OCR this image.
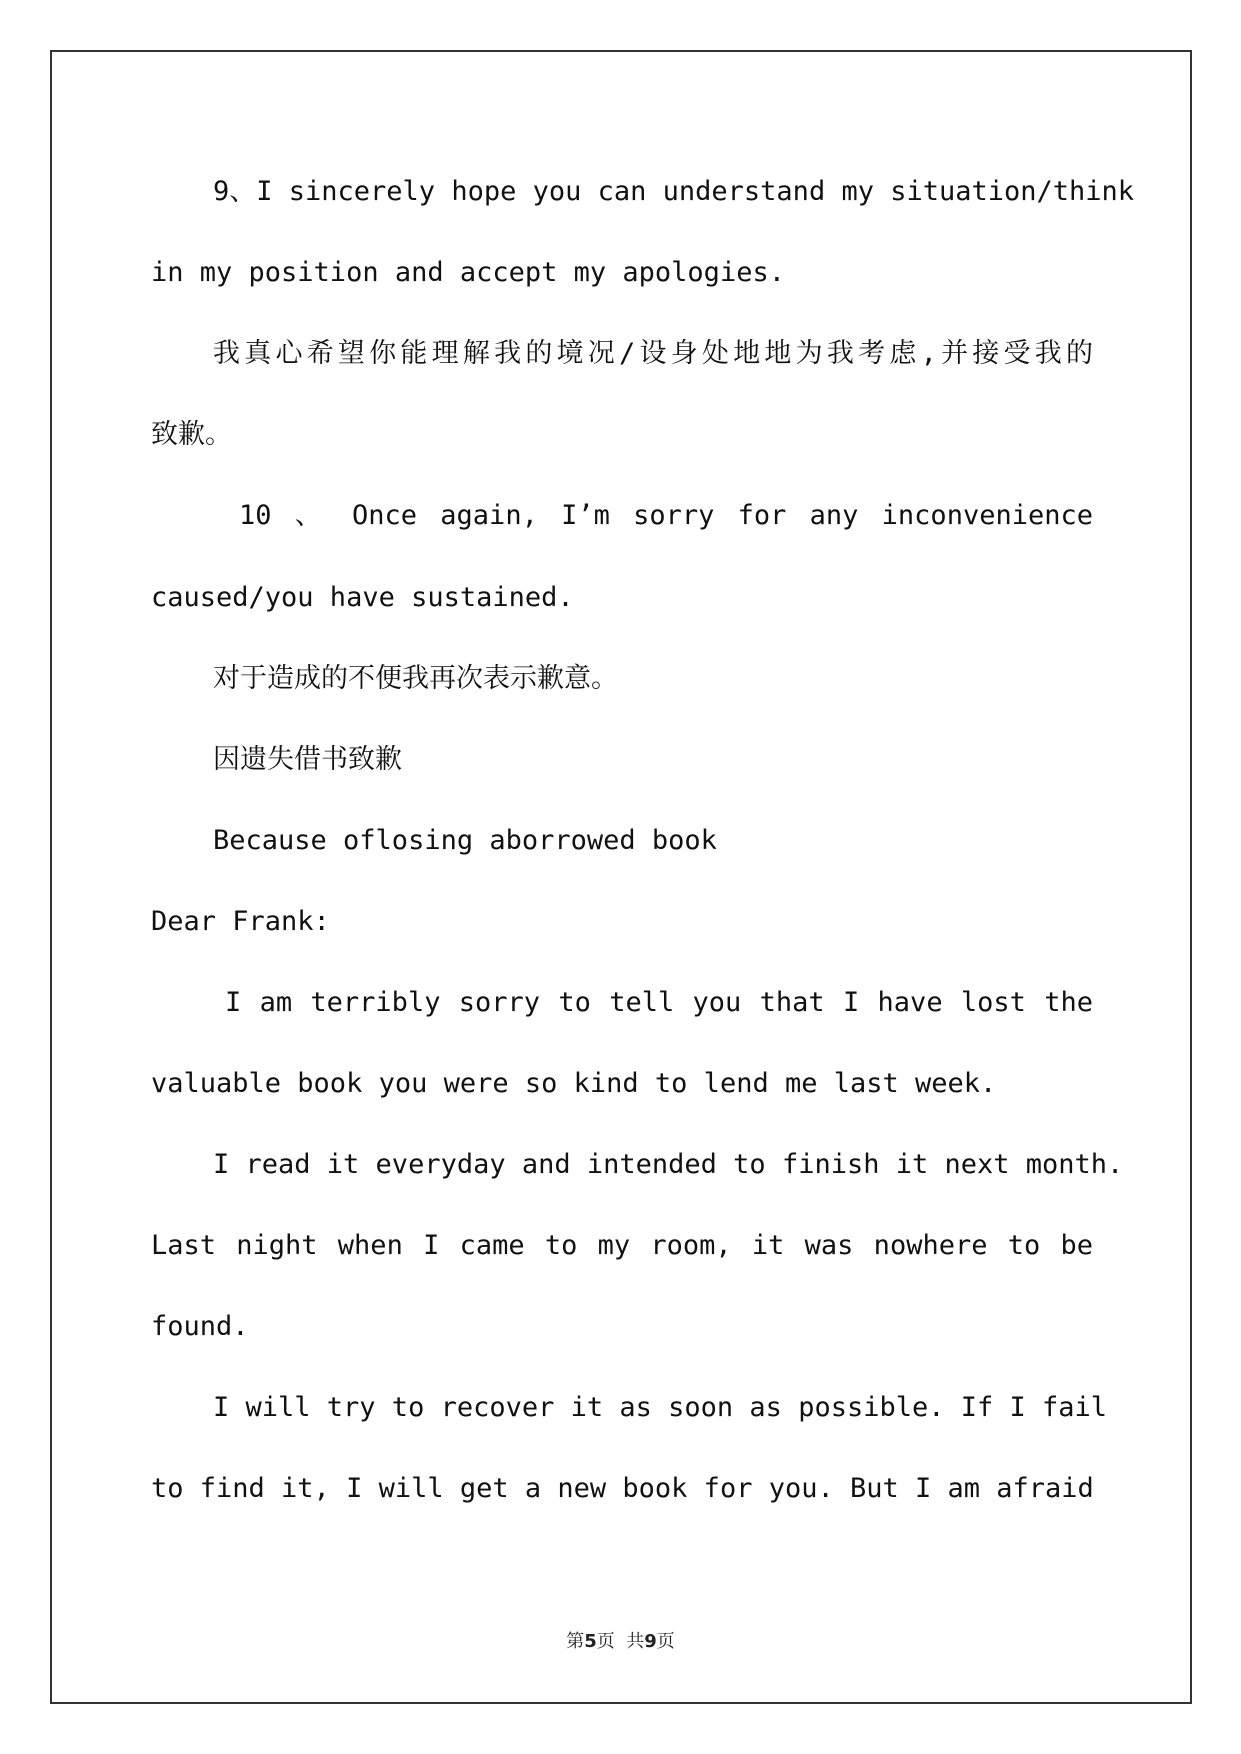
9、I sincerely hope you can understand my situation/think

in my position and accept my apologies.

我真心希望你能理解我的境况/设身处地地为我考虑,并接受我的

致歉。

10 、 Once again, I’m sorry for any inconvenience

caused/you have sustained.

对于造成的不便我再次表示歉意。

因遗失借书致歉

Because oflosing aborrowed book

Dear Frank:

I am terribly sorry to tell you that I have lost the

valuable book you were so kind to lend me last week.

I read it everyday and intended to finish it next month.

Last night when I came to my room, it was nowhere to be

found.

I will try to recover it as soon as possible. If I fail

to find it, I will get a new book for you. But I am afraid

第5页  共9页
